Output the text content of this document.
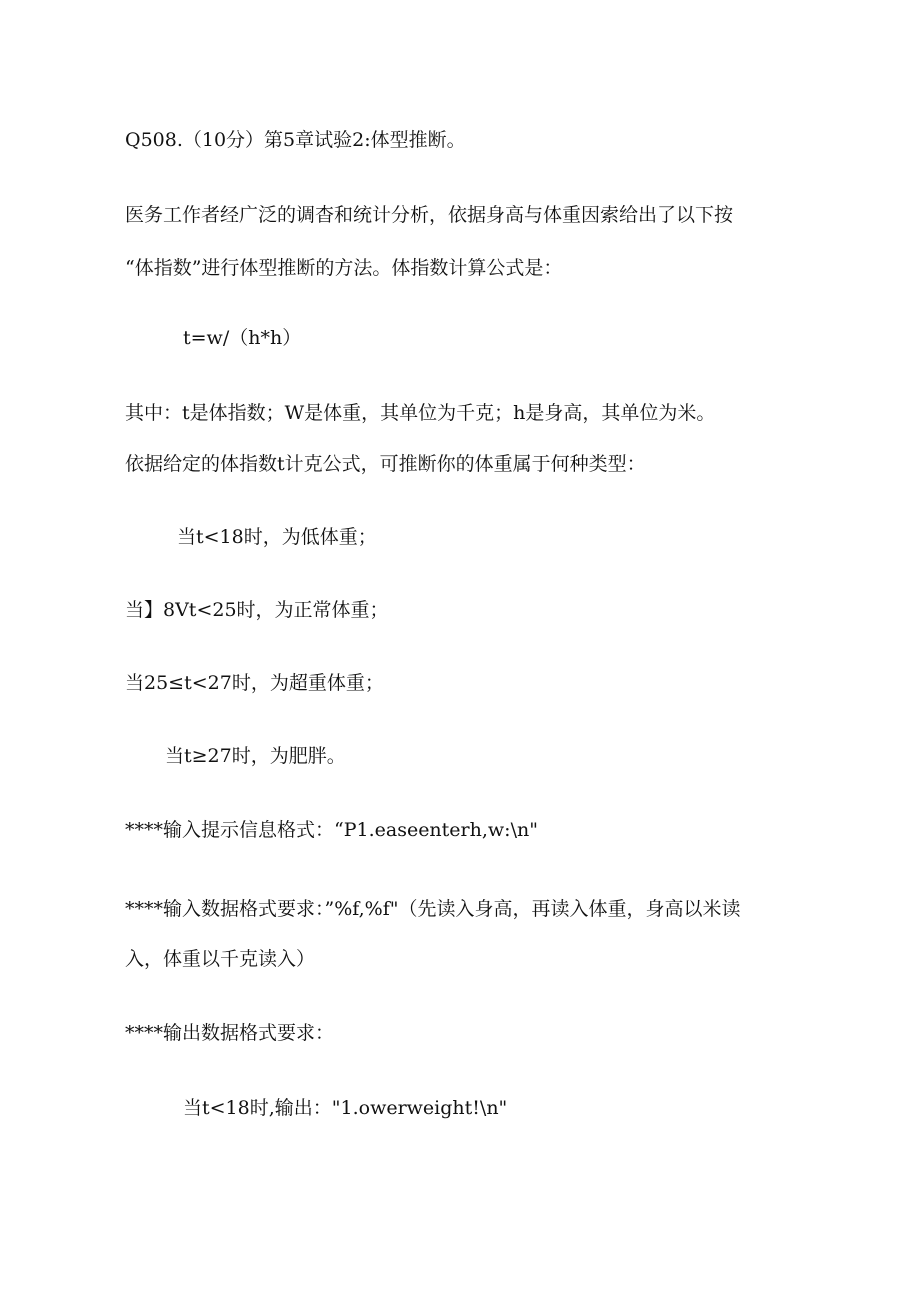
Q508.（10分）第5章试验2:体型推断。
医务工作者经广泛的调杳和统计分析，依据身高与体重因索给出了以下按
“体指数”进行体型推断的方法。体指数计算公式是：
t=w/（h*h）
其中：t是体指数；W是体重，其单位为千克；h是身高，其单位为米。
依据给定的体指数t计克公式，可推断你的体重属于何种类型：
当t<18时，为低体重；
当】8Vt<25时，为正常体重；
当25≤t<27时，为超重体重；
当t≥27时，为肥胖。
****输入提示信息格式：“P1.easeenterh,w:\n"
****输入数据格式要求：”%f,%f"（先读入身高，再读入体重，身高以米读
入，体重以千克读入）
****输出数据格式要求：
当t<18时,输出："1.owerweight!\n"
